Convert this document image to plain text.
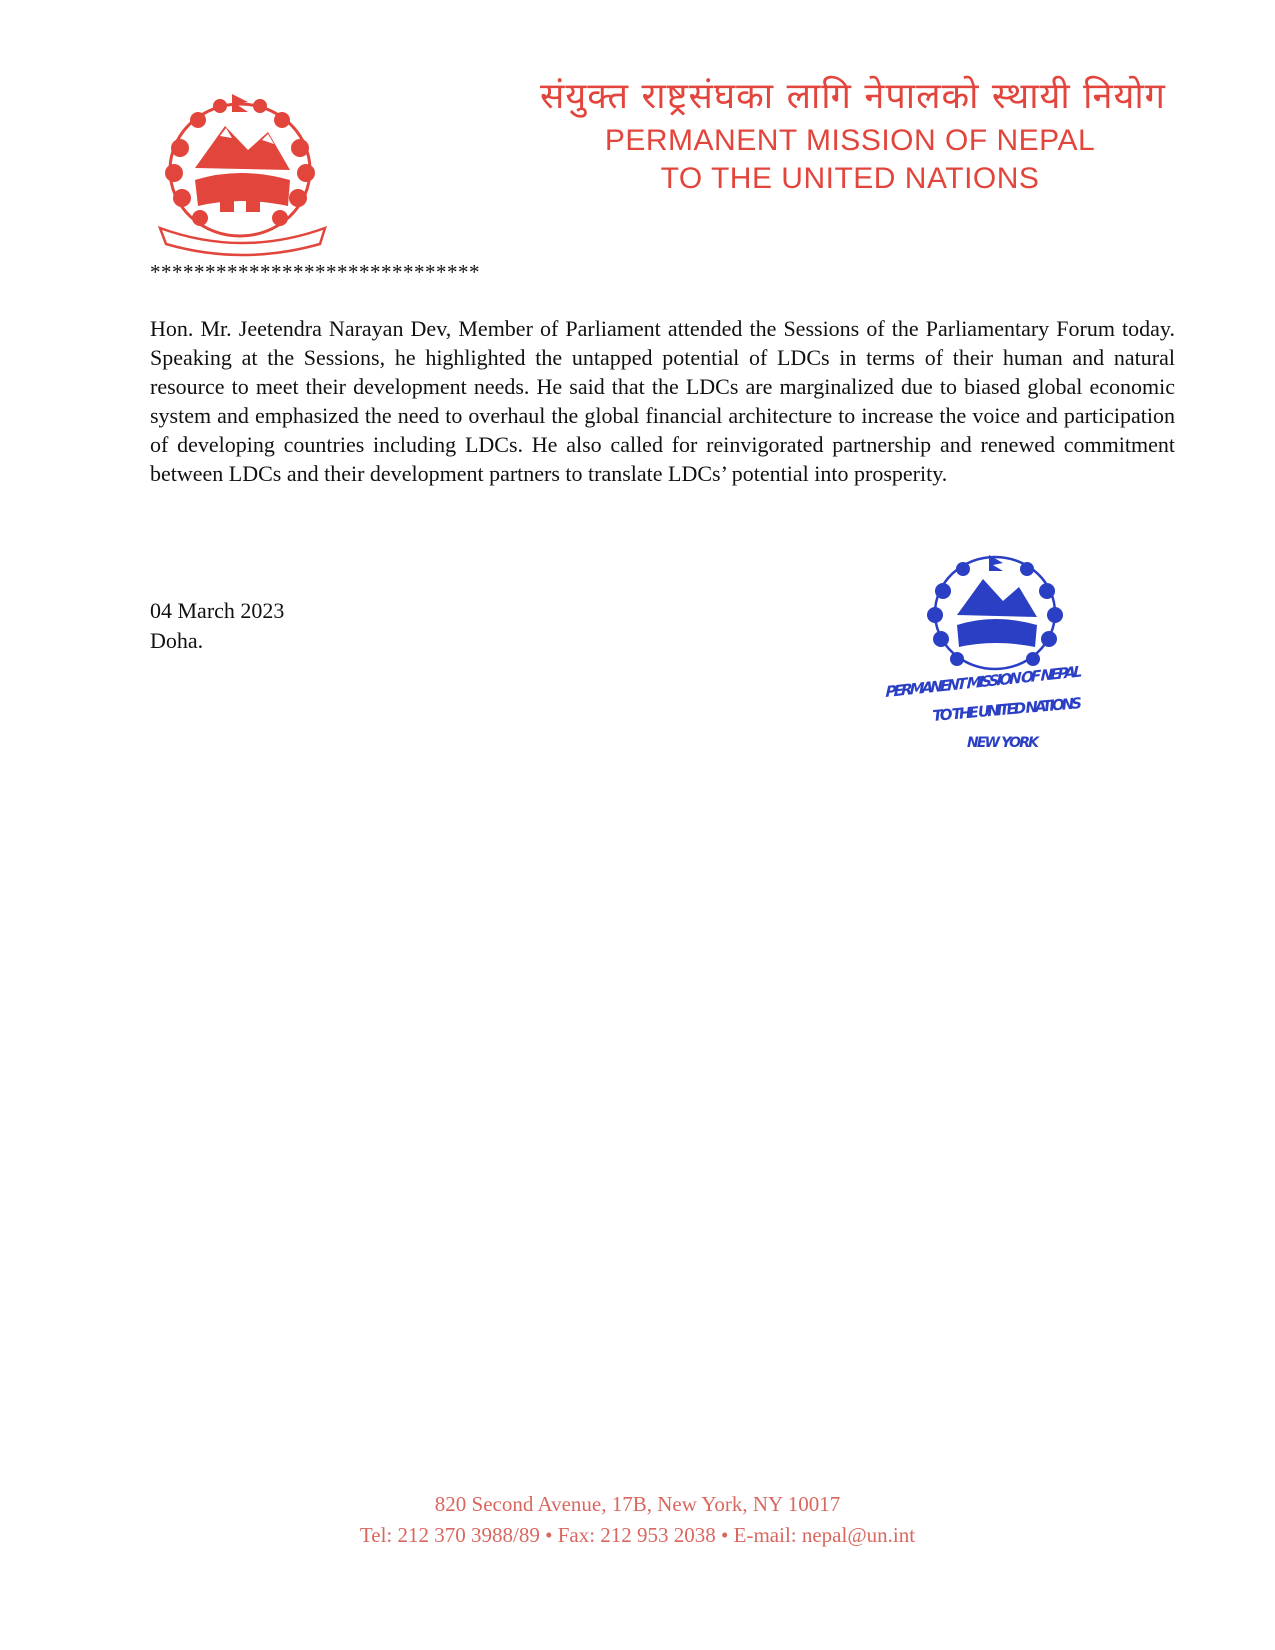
संयुक्त राष्ट्रसंघका लागि नेपालको स्थायी नियोग
PERMANENT MISSION OF NEPAL
TO THE UNITED NATIONS
******************************

Hon. Mr. Jeetendra Narayan Dev, Member of Parliament attended the Sessions of the Parliamentary Forum today. Speaking at the Sessions, he highlighted the untapped potential of LDCs in terms of their human and natural resource to meet their development needs. He said that the LDCs are marginalized due to biased global economic system and emphasized the need to overhaul the global financial architecture to increase the voice and participation of developing countries including LDCs. He also called for reinvigorated partnership and renewed commitment between LDCs and their development partners to translate LDCs’ potential into prosperity.

04 March 2023
Doha.
PERMANENT MISSION OF NEPAL
TO THE UNITED NATIONS
NEW YORK
820 Second Avenue, 17B, New York, NY 10017
Tel: 212 370 3988/89 • Fax: 212 953 2038 • E-mail: nepal@un.int
